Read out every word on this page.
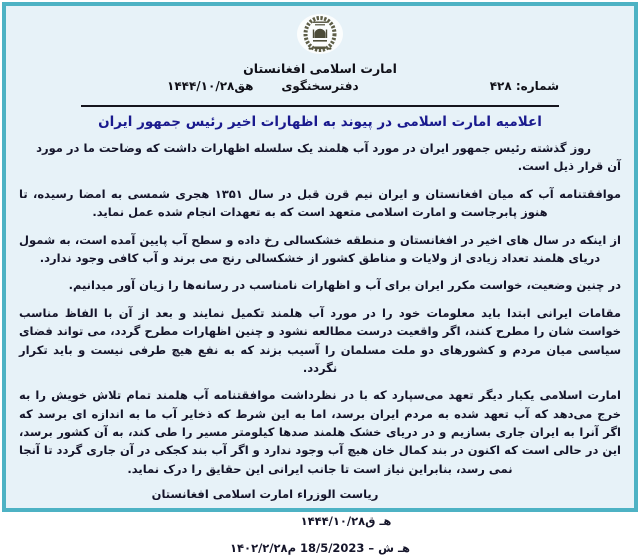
امارت اسلامی افغانستان
شماره: ۴۲۸
دفترسخنگوی
۱۴۴۴/۱۰/۲۸هق
اعلامیه امارت اسلامی در پیوند به اظهارات اخیر رئیس جمهور ایران

روز گذشته رئیس جمهور ایران در مورد آب هلمند یک سلسله اظهارات داشت که وضاحت ما در مورد آن قرار ذیل است.

موافقتنامه آب که میان افغانستان و ایران نیم قرن قبل در سال ۱۳۵۱ هجری شمسی به امضا رسیده، تا هنوز پابرجاست و امارت اسلامی متعهد است که به تعهدات انجام شده عمل نماید.

از اینکه در سال های اخیر در افغانستان و منطقه خشکسالی رخ داده و سطح آب پایین آمده است، به شمول دریای هلمند تعداد زیادی از ولایات و مناطق کشور از خشکسالی رنج می برند و آب کافی وجود ندارد.

در چنین وضعیت، خواست مکرر ایران برای آب و اظهارات نامناسب در رسانه‌ها را زیان آور میدانیم.

مقامات ایرانی ابتدا باید معلومات خود را در مورد آب هلمند تکمیل نمایند و بعد از آن با الفاظ مناسب خواست شان را مطرح کنند، اگر واقعیت درست مطالعه نشود و چنین اظهارات مطرح گردد، می تواند فضای سیاسی میان مردم و کشورهای دو ملت مسلمان را آسیب بزند که به نفع هیچ طرفی نیست و باید تکرار نگردد.

امارت اسلامی یکبار دیگر تعهد می‌سپارد که با در نظرداشت موافقتنامه آب هلمند تمام تلاش خویش را به خرج می‌دهد که آب تعهد شده به مردم ایران برسد، اما به این شرط که ذخایر آب ما به اندازه ای برسد که اگر آنرا به ایران جاری بسازیم و در دریای خشک هلمند صدها کیلومتر مسیر را طی کند، به آن کشور برسد، این در حالی است که اکنون در بند کمال خان هیچ آب وجود ندارد و اگر آب بند کجکی در آن جاری گردد تا آنجا نمی رسد، بنابراین نیاز است تا جانب ایرانی این حقایق را درک نماید.

ریاست الوزراء امارت اسلامی افغانستان
۱۴۴۴/۱۰/۲۸هـ ق
۱۴۰۲/۲/۲۸هـ ش – 18/5/2023 م
